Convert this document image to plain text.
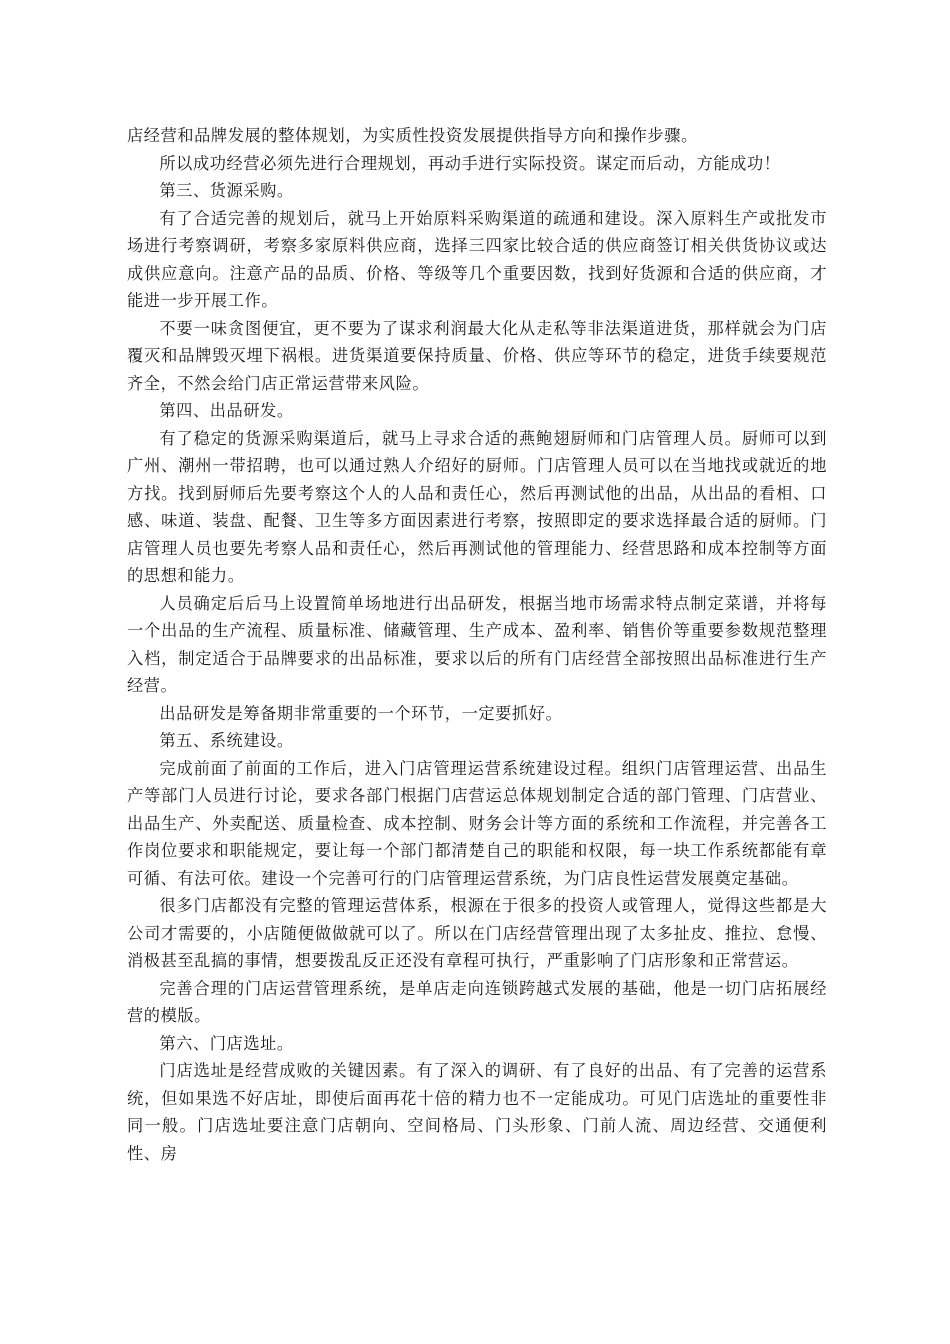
店经营和品牌发展的整体规划，为实质性投资发展提供指导方向和操作步骤。

所以成功经营必须先进行合理规划，再动手进行实际投资。谋定而后动，方能成功！

第三、货源采购。

有了合适完善的规划后，就马上开始原料采购渠道的疏通和建设。深入原料生产或批发市场进行考察调研，考察多家原料供应商，选择三四家比较合适的供应商签订相关供货协议或达成供应意向。注意产品的品质、价格、等级等几个重要因数，找到好货源和合适的供应商，才能进一步开展工作。

不要一味贪图便宜，更不要为了谋求利润最大化从走私等非法渠道进货，那样就会为门店覆灭和品牌毁灭埋下祸根。进货渠道要保持质量、价格、供应等环节的稳定，进货手续要规范齐全，不然会给门店正常运营带来风险。

第四、出品研发。

有了稳定的货源采购渠道后，就马上寻求合适的燕鲍翅厨师和门店管理人员。厨师可以到广州、潮州一带招聘，也可以通过熟人介绍好的厨师。门店管理人员可以在当地找或就近的地方找。找到厨师后先要考察这个人的人品和责任心，然后再测试他的出品，从出品的看相、口感、味道、装盘、配餐、卫生等多方面因素进行考察，按照即定的要求选择最合适的厨师。门店管理人员也要先考察人品和责任心，然后再测试他的管理能力、经营思路和成本控制等方面的思想和能力。

人员确定后后马上设置简单场地进行出品研发，根据当地市场需求特点制定菜谱，并将每一个出品的生产流程、质量标准、储藏管理、生产成本、盈利率、销售价等重要参数规范整理入档，制定适合于品牌要求的出品标准，要求以后的所有门店经营全部按照出品标准进行生产经营。

出品研发是筹备期非常重要的一个环节，一定要抓好。

第五、系统建设。

完成前面了前面的工作后，进入门店管理运营系统建设过程。组织门店管理运营、出品生产等部门人员进行讨论，要求各部门根据门店营运总体规划制定合适的部门管理、门店营业、出品生产、外卖配送、质量检查、成本控制、财务会计等方面的系统和工作流程，并完善各工作岗位要求和职能规定，要让每一个部门都清楚自己的职能和权限，每一块工作系统都能有章可循、有法可依。建设一个完善可行的门店管理运营系统，为门店良性运营发展奠定基础。

很多门店都没有完整的管理运营体系，根源在于很多的投资人或管理人，觉得这些都是大公司才需要的，小店随便做做就可以了。所以在门店经营管理出现了太多扯皮、推拉、怠慢、消极甚至乱搞的事情，想要拨乱反正还没有章程可执行，严重影响了门店形象和正常营运。

完善合理的门店运营管理系统，是单店走向连锁跨越式发展的基础，他是一切门店拓展经营的模版。

第六、门店选址。

门店选址是经营成败的关键因素。有了深入的调研、有了良好的出品、有了完善的运营系统，但如果选不好店址，即使后面再花十倍的精力也不一定能成功。可见门店选址的重要性非同一般。门店选址要注意门店朝向、空间格局、门头形象、门前人流、周边经营、交通便利性、房
